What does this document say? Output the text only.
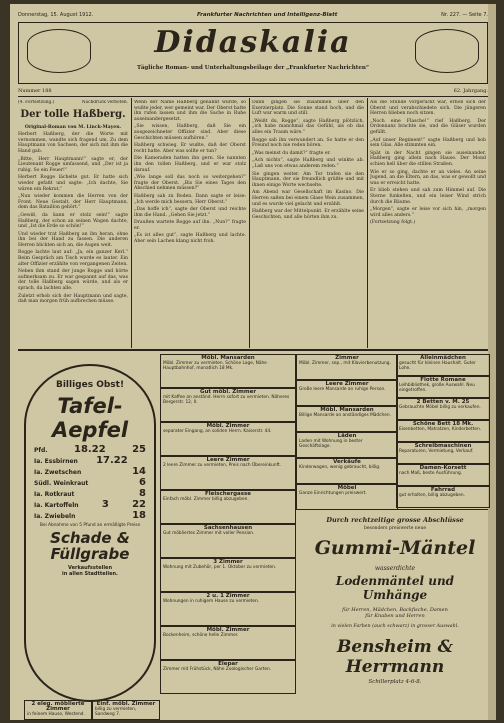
Donnerstag, 15. August 1912.	Frankfurter Nachrichten und Intelligenz-Blatt	Nr. 227. — Seite 7.
Didaskalia
Tägliche Roman- und Unterhaltungsbeilage der „Frankfurter Nachrichten“
Nummer 188	62. Jahrgang.
(4. Fortsetzung.)	Nachdruck verboten.
Der tolle Haßberg.
Original-Roman von M. Linck-Mayen.

Herbert Haßberg, der die Worte mit vernommen, wandte sich fragend um. Zu dem Hauptmann von Sachsen, der sich mit ihm die Hand gab.

„Bitte, Herr Hauptmann!“ sagte er, der Lieutenant Rogge umfassend, und „Der ist ja ruhig. So ein Feuer!“

Herbert Rogge lächelte gut. Er hatte sich wieder gefaßt und sagte: „Ich dachte, Sie wären ein Rekrut.“

„Nun wieder kommen die Herren von der Front. Neue Gestalt, der Herr Hauptmann, dem das Bataillon gehört.“

„Gewiß, da kann er stolz sein!“ sagte Haßberg, der schon an seinen Wagen dachte, und „Ist die Erde so schön!“

Und wieder trat Haßberg an ihn heran, ohne ihn bei der Hand zu fassen. Die anderen Herren blickten sich an, die Augen weit.

Rogge lachte laut auf: „Ja, ein ganzer Kerl.“ Beim Gespräch am Tisch wurde es lauter. Ein alter Offizier erzählte von vergangenen Zeiten.

Neben ihm stand der junge Rogge und hörte aufmerksam zu. Er war gespannt auf das, was der tolle Haßberg sagen würde, und als er sprach, da lachten alle.

Zuletzt erhob sich der Hauptmann und sagte, daß man morgen früh aufbrechen müsse.

Wenn der Name Haßberg genannt wurde, so wußte jeder, wer gemeint war. Der Oberst hatte ihn rufen lassen und ihm die Sache in Ruhe auseinandergesetzt.

„Sie wissen, Haßberg, daß Sie ein ausgezeichneter Offizier sind. Aber diese Geschichten müssen aufhören.“

Haßberg schwieg. Er wußte, daß der Oberst recht hatte. Aber was sollte er tun?

Die Kameraden hatten ihn gern. Sie nannten ihn den tollen Haßberg, und er war stolz darauf.

„Wie lange soll das noch so weitergehen?“ fragte der Oberst. „Bis Sie eines Tages den Abschied nehmen müssen?“

Haßberg sah zu Boden. Dann sagte er leise: „Ich werde mich bessern, Herr Oberst.“

„Das hoffe ich“, sagte der Oberst und reichte ihm die Hand. „Gehen Sie jetzt.“

Draußen wartete Rogge auf ihn. „Nun?“ fragte er.

„Es ist alles gut“, sagte Haßberg und lachte. Aber sein Lachen klang nicht froh.

Dann gingen sie zusammen über den Exerzierplatz. Die Sonne stand hoch, und die Luft war warm und still.

„Weißt du, Rogge“, sagte Haßberg plötzlich, „ich habe manchmal das Gefühl, als ob das alles ein Traum wäre.“

Rogge sah ihn verwundert an. So hatte er den Freund noch nie reden hören.

„Was meinst du damit?“ fragte er.

„Ach nichts“, sagte Haßberg und winkte ab. „Laß uns von etwas anderem reden.“

Sie gingen weiter. Am Tor trafen sie den Hauptmann, der sie freundlich grüßte und mit ihnen einige Worte wechselte.

Am Abend war Gesellschaft im Kasino. Die Herren saßen bei einem Glase Wein zusammen, und es wurde viel gelacht und erzählt.

Haßberg war der Mittelpunkt. Er erzählte seine Geschichten, und alle hörten ihm zu.

Als die Stunde vorgerückt war, erhob sich der Oberst und verabschiedete sich. Die jüngeren Herren blieben noch sitzen.

„Noch eine Flasche!“ rief Haßberg. Der Ordonnanz brachte sie, und die Gläser wurden gefüllt.

„Auf unser Regiment!“ sagte Haßberg und hob sein Glas. Alle stimmten ein.

Spät in der Nacht gingen sie auseinander. Haßberg ging allein nach Hause. Der Mond schien hell über die stillen Straßen.

Wie er so ging, dachte er an vieles. An seine Jugend, an die Eltern, an das, was er gewollt und was er erreicht hatte.

Er blieb stehen und sah zum Himmel auf. Die Sterne funkelten, und ein leiser Wind strich durch die Bäume.

„Morgen“, sagte er leise vor sich hin, „morgen wird alles anders.“

(Fortsetzung folgt.)

Billiges Obst!
Tafel-Aepfel
Pfd.	18.22	25
Ia. Essbirnen 17.22
Ia. Zwetschen	14
Südl. Weinkraut	6
Ia. Rotkraut	8
Ia. Kartoffeln 3 22
Ia. Zwiebeln	18
Bei Abnahme von 5 Pfund an ermäßigte Preise
Schade & Füllgrabe
Verkaufsstellen
in allen Stadtteilen.
2 eleg. möblierte Zimmer
in feinem Hause, Westend.
Einf. möbl. Zimmer
billig zu vermieten, Sandweg 7.
Möbl. Mansarden
Möbl. Zimmer zu vermieten. Schöne Lage, Nähe Hauptbahnhof, monatlich 18 Mk.
Gut möbl. Zimmer
mit Kaffee an anständ. Herrn sofort zu vermieten. Näheres Bergerstr. 12, II.
Möbl. Zimmer
separater Eingang, an soliden Herrn. Kaiserstr. 44.
Leere Zimmer
2 leere Zimmer zu vermieten, Preis nach Übereinkunft.
Fleischergasse
Einfach möbl. Zimmer billig abzugeben.
Sachsenhausen
Gut möbliertes Zimmer mit voller Pension.
3 Zimmer
Wohnung mit Zubehör, per 1. Oktober zu vermieten.
2 u. 1 Zimmer
Wohnungen in ruhigem Hause zu vermieten.
Möbl. Zimmer
Bockenheim, schöne helle Zimmer.
Elepar
Zimmer mit Frühstück, Nähe Zoologischer Garten.
Zimmer
Möbl. Zimmer, sep., mit Klavierbenutzung.
Leere Zimmer
Große leere Mansarde an ruhige Person.
Möbl. Mansarden
Billige Mansarde an anständiges Mädchen.
Läden
Laden mit Wohnung in bester Geschäftslage.
Verkäufe
Kinderwagen, wenig gebraucht, billig.
Möbel
Ganze Einrichtungen preiswert.
Alleinmädchen
gesucht für kleinen Haushalt. Guter Lohn.
Flotte Romane
Leihbibliothek, große Auswahl. Neu eingetroffen.
2 Betten v. M. 25
Gebrauchte Möbel billig zu verkaufen.
Schöne Bett 18 Mk.
Eisenbetten, Matratzen, Kinderbetten.
Schreibmaschinen
Reparaturen, Vermietung, Verkauf.
Damen-Korsett
nach Maß, beste Ausführung.
Fahrrad
gut erhalten, billig abzugeben.
Durch rechtzeitige grosse Abschlüsse
besonders preiswerte neue
Gummi-Mäntel
wasserdichte
Lodenmäntel und Umhänge
für Herren, Mädchen, Backfische, Damen
für Knaben und Herren
in vielen Farben (auch schwarz) in grosser Auswahl.
Bensheim & Herrmann
Schillerplatz 4-6-8.
